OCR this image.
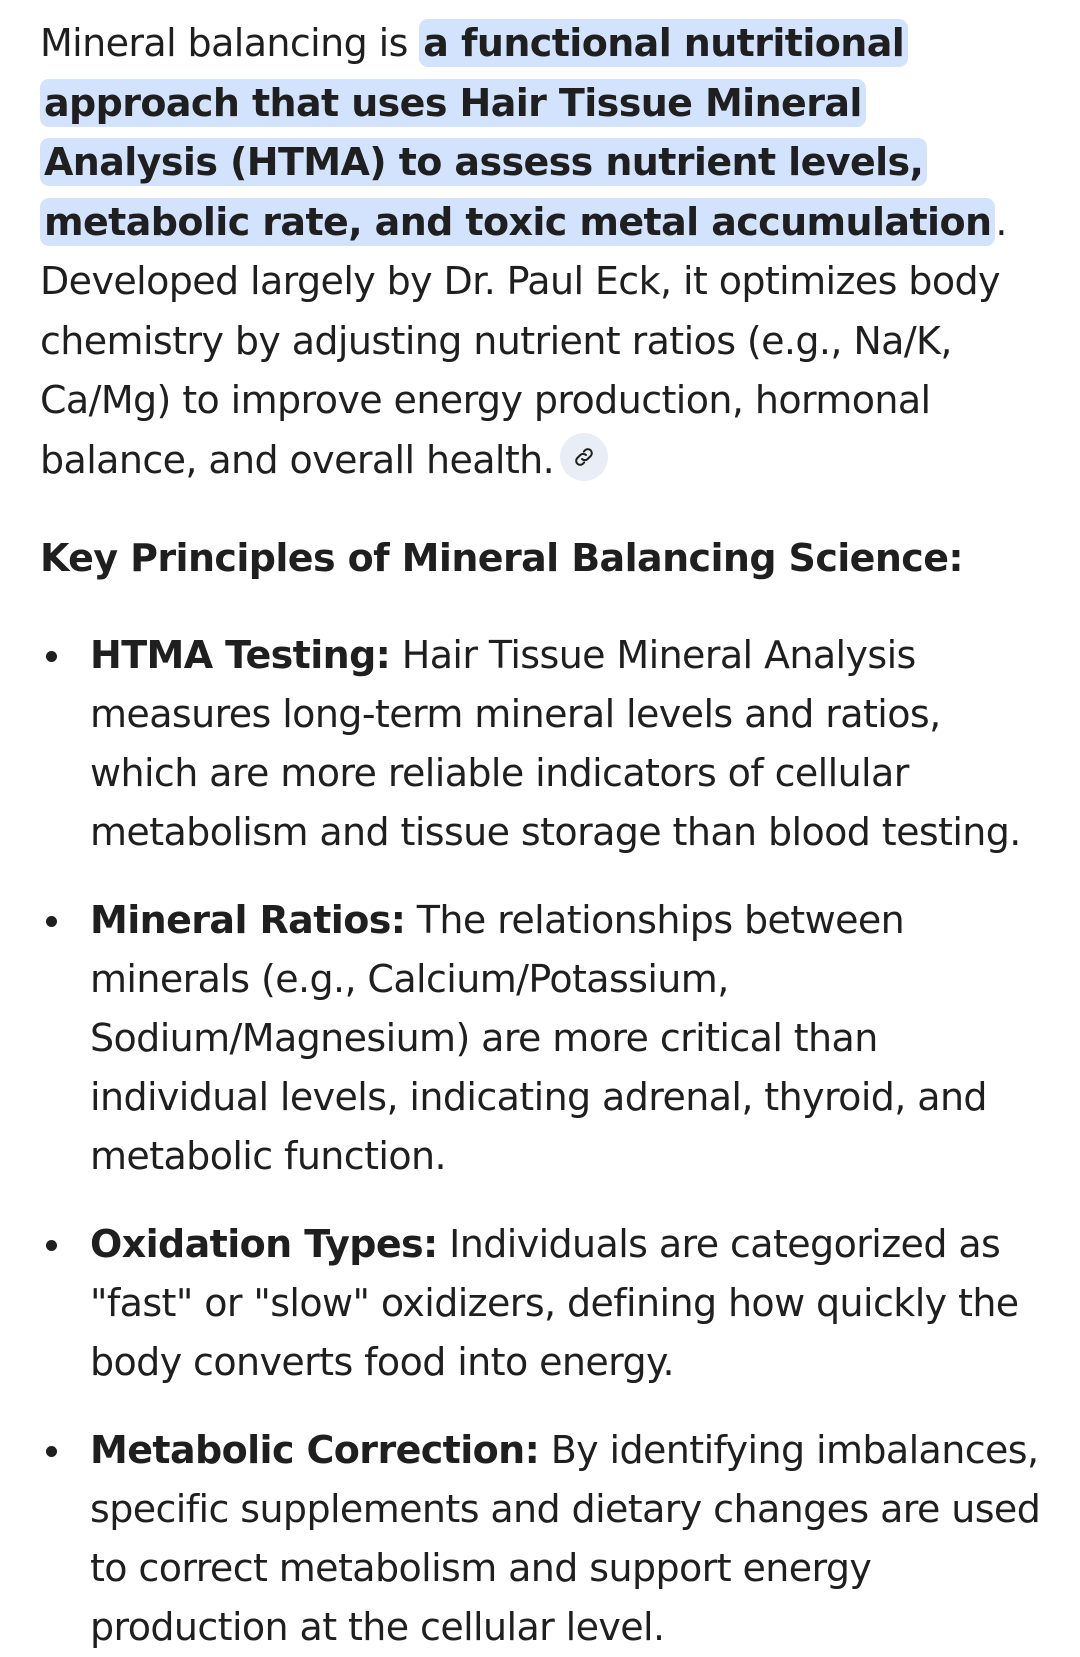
Mineral balancing is a functional nutritional approach that uses Hair Tissue Mineral Analysis (HTMA) to assess nutrient levels, metabolic rate, and toxic metal accumulation . Developed largely by Dr. Paul Eck, it optimizes body chemistry by adjusting nutrient ratios (e.g., Na/K, Ca/Mg) to improve energy production, hormonal balance, and overall health.

Key Principles of Mineral Balancing Science:
HTMA Testing: Hair Tissue Mineral Analysis measures long-term mineral levels and ratios, which are more reliable indicators of cellular metabolism and tissue storage than blood testing.
Mineral Ratios: The relationships between minerals (e.g., Calcium/Potassium, Sodium/Magnesium) are more critical than individual levels, indicating adrenal, thyroid, and metabolic function.
Oxidation Types: Individuals are categorized as "fast" or "slow" oxidizers, defining how quickly the body converts food into energy.
Metabolic Correction: By identifying imbalances, specific supplements and dietary changes are used to correct metabolism and support energy production at the cellular level.
